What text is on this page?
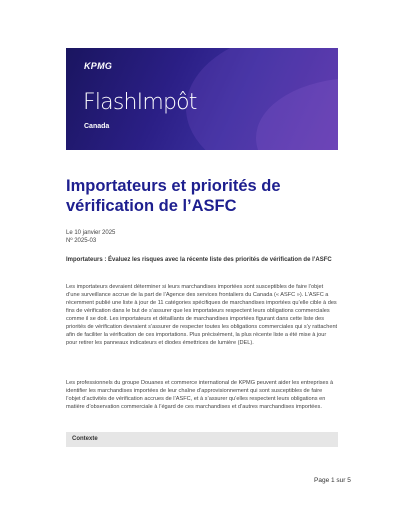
KPMG
FlashImpôt
Canada
Importateurs et priorités de vérification de l’ASFC
Le 10 janvier 2025
Nº 2025-03

Importateurs : Évaluez les risques avec la récente liste des priorités de vérification de l’ASFC

Les importateurs devraient déterminer si leurs marchandises importées sont susceptibles de faire l’objet d’une surveillance accrue de la part de l’Agence des services frontaliers du Canada (« ASFC »). L’ASFC a récemment publié une liste à jour de 11 catégories spécifiques de marchandises importées qu’elle cible à des fins de vérification dans le but de s’assurer que les importateurs respectent leurs obligations commerciales comme il se doit. Les importateurs et détaillants de marchandises importées figurant dans cette liste des priorités de vérification devraient s’assurer de respecter toutes les obligations commerciales qui s’y rattachent afin de faciliter la vérification de ces importations. Plus précisément, la plus récente liste a été mise à jour pour retirer les panneaux indicateurs et diodes émettrices de lumière (DEL).

Les professionnels du groupe Douanes et commerce international de KPMG peuvent aider les entreprises à identifier les marchandises importées de leur chaîne d’approvisionnement qui sont susceptibles de faire l’objet d’activités de vérification accrues de l’ASFC, et à s’assurer qu’elles respectent leurs obligations en matière d’observation commerciale à l’égard de ces marchandises et d’autres marchandises importées.

Contexte
Page 1 sur 5
